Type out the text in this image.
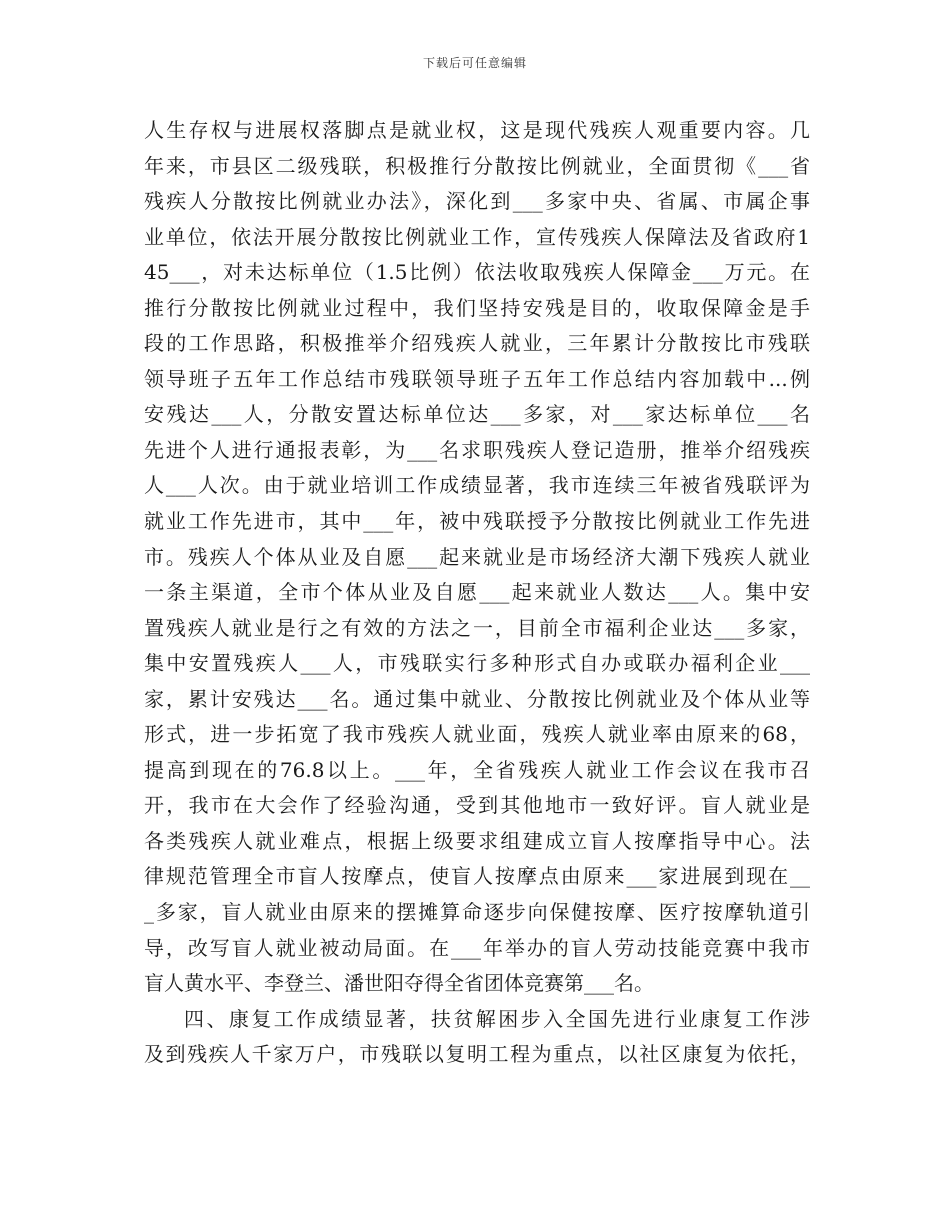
下载后可任意编辑
人生存权与进展权落脚点是就业权，这是现代残疾人观重要内容。几
年来，市县区二级残联，积极推行分散按比例就业，全面贯彻《___省
残疾人分散按比例就业办法》，深化到___多家中央、省属、市属企事
业单位，依法开展分散按比例就业工作，宣传残疾人保障法及省政府1
45___，对未达标单位（1.5比例）依法收取残疾人保障金___万元。在
推行分散按比例就业过程中，我们坚持安残是目的，收取保障金是手
段的工作思路，积极推举介绍残疾人就业，三年累计分散按比市残联
领导班子五年工作总结市残联领导班子五年工作总结内容加载中...例
安残达___人，分散安置达标单位达___多家，对___家达标单位___名
先进个人进行通报表彰，为___名求职残疾人登记造册，推举介绍残疾
人___人次。由于就业培训工作成绩显著，我市连续三年被省残联评为
就业工作先进市，其中___年，被中残联授予分散按比例就业工作先进
市。残疾人个体从业及自愿___起来就业是市场经济大潮下残疾人就业
一条主渠道，全市个体从业及自愿___起来就业人数达___人。集中安
置残疾人就业是行之有效的方法之一，目前全市福利企业达___多家，
集中安置残疾人___人，市残联实行多种形式自办或联办福利企业___
家，累计安残达___名。通过集中就业、分散按比例就业及个体从业等
形式，进一步拓宽了我市残疾人就业面，残疾人就业率由原来的68，
提高到现在的76.8以上。___年，全省残疾人就业工作会议在我市召
开，我市在大会作了经验沟通，受到其他地市一致好评。盲人就业是
各类残疾人就业难点，根据上级要求组建成立盲人按摩指导中心。法
律规范管理全市盲人按摩点，使盲人按摩点由原来___家进展到现在__
_多家，盲人就业由原来的摆摊算命逐步向保健按摩、医疗按摩轨道引
导，改写盲人就业被动局面。在___年举办的盲人劳动技能竞赛中我市
盲人黄水平、李登兰、潘世阳夺得全省团体竞赛第___名。
四、康复工作成绩显著，扶贫解困步入全国先进行业康复工作涉
及到残疾人千家万户，市残联以复明工程为重点，以社区康复为依托，
